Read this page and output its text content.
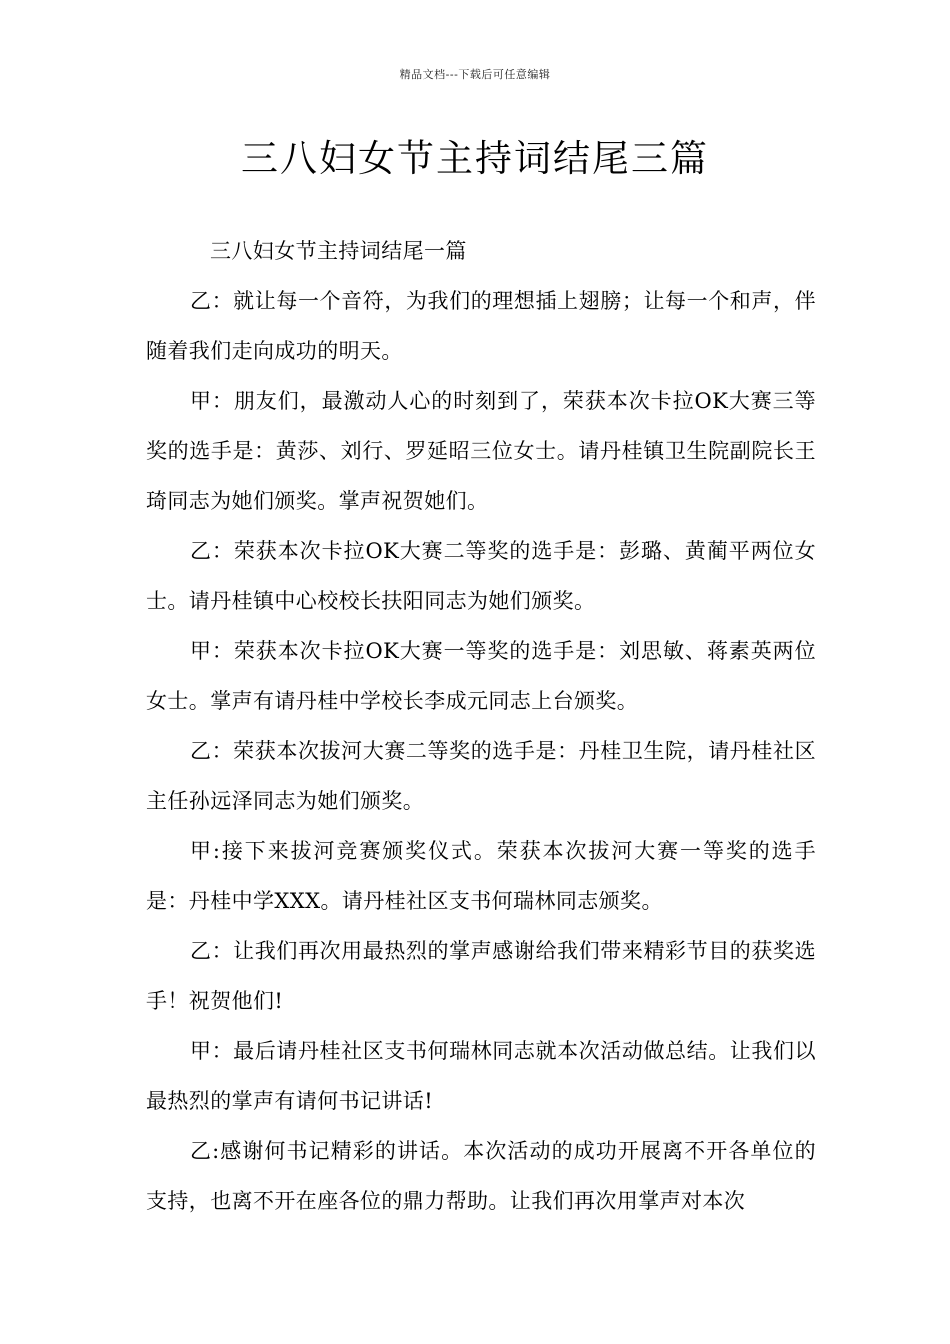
精品文档---下载后可任意编辑
三八妇女节主持词结尾三篇

三八妇女节主持词结尾一篇

乙：就让每一个音符，为我们的理想插上翅膀；让每一个和声，伴随着我们走向成功的明天。

甲：朋友们，最激动人心的时刻到了，荣获本次卡拉OK大赛三等奖的选手是：黄莎、刘行、罗延昭三位女士。请丹桂镇卫生院副院长王琦同志为她们颁奖。掌声祝贺她们。

乙：荣获本次卡拉OK大赛二等奖的选手是：彭璐、黄蔺平两位女士。请丹桂镇中心校校长扶阳同志为她们颁奖。

甲：荣获本次卡拉OK大赛一等奖的选手是：刘思敏、蒋素英两位女士。掌声有请丹桂中学校长李成元同志上台颁奖。

乙：荣获本次拔河大赛二等奖的选手是：丹桂卫生院，请丹桂社区主任孙远泽同志为她们颁奖。

甲:接下来拔河竞赛颁奖仪式。荣获本次拔河大赛一等奖的选手是：丹桂中学XXX。请丹桂社区支书何瑞林同志颁奖。

乙：让我们再次用最热烈的掌声感谢给我们带来精彩节目的获奖选手！祝贺他们!

甲：最后请丹桂社区支书何瑞林同志就本次活动做总结。让我们以最热烈的掌声有请何书记讲话!

乙:感谢何书记精彩的讲话。本次活动的成功开展离不开各单位的支持，也离不开在座各位的鼎力帮助。让我们再次用掌声对本次
